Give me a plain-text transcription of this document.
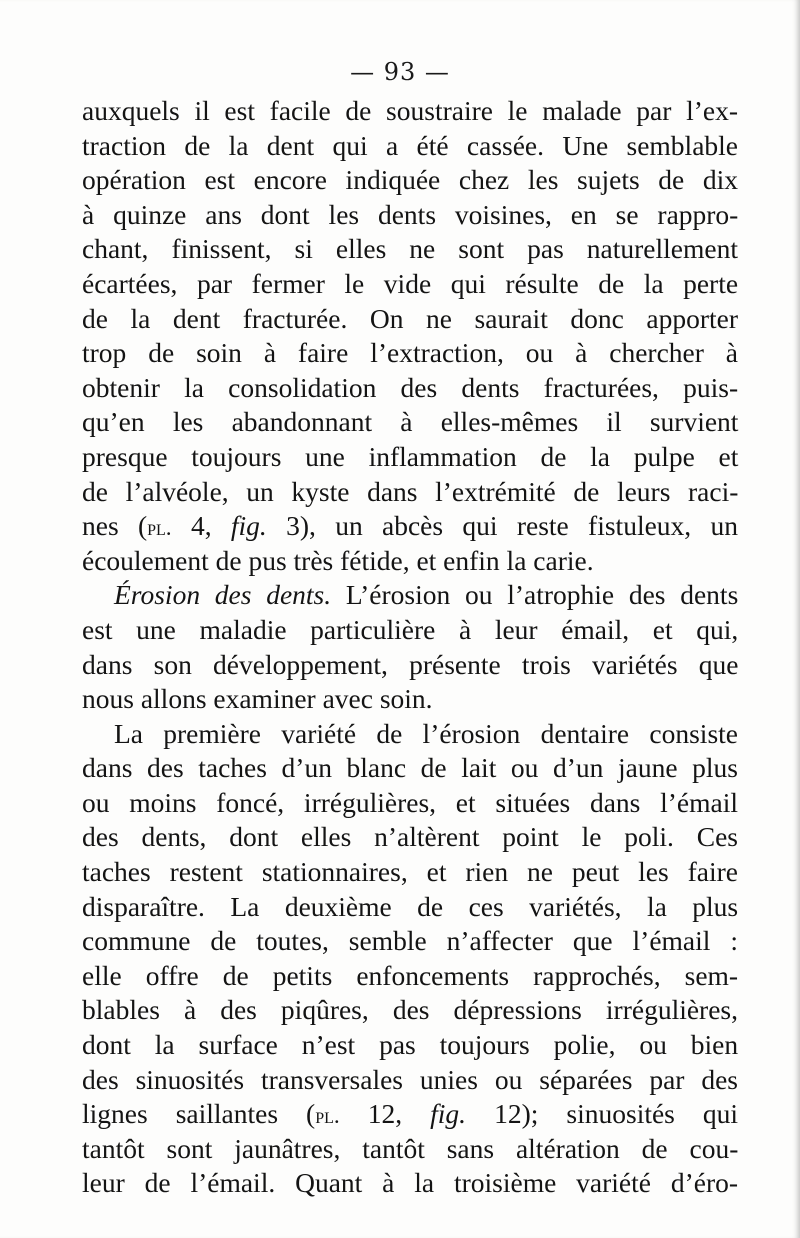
— 93 —
auxquels il est facile de soustraire le malade par l’ex-
traction de la dent qui a été cassée. Une semblable
opération est encore indiquée chez les sujets de dix
à quinze ans dont les dents voisines, en se rappro-
chant, finissent, si elles ne sont pas naturellement
écartées, par fermer le vide qui résulte de la perte
de la dent fracturée. On ne saurait donc apporter
trop de soin à faire l’extraction, ou à chercher à
obtenir la consolidation des dents fracturées, puis-
qu’en les abandonnant à elles-mêmes il survient
presque toujours une inflammation de la pulpe et
de l’alvéole, un kyste dans l’extrémité de leurs raci-
nes (pl. 4, fig. 3), un abcès qui reste fistuleux, un
écoulement de pus très fétide, et enfin la carie.
Érosion des dents. L’érosion ou l’atrophie des dents
est une maladie particulière à leur émail, et qui,
dans son développement, présente trois variétés que
nous allons examiner avec soin.
La première variété de l’érosion dentaire consiste
dans des taches d’un blanc de lait ou d’un jaune plus
ou moins foncé, irrégulières, et situées dans l’émail
des dents, dont elles n’altèrent point le poli. Ces
taches restent stationnaires, et rien ne peut les faire
disparaître. La deuxième de ces variétés, la plus
commune de toutes, semble n’affecter que l’émail :
elle offre de petits enfoncements rapprochés, sem-
blables à des piqûres, des dépressions irrégulières,
dont la surface n’est pas toujours polie, ou bien
des sinuosités transversales unies ou séparées par des
lignes saillantes (pl. 12, fig. 12); sinuosités qui
tantôt sont jaunâtres, tantôt sans altération de cou-
leur de l’émail. Quant à la troisième variété d’éro-
